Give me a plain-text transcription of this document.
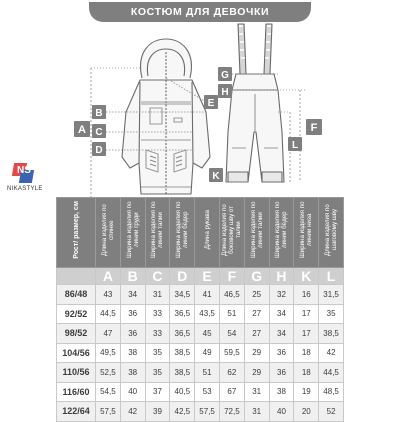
КОСТЮМ ДЛЯ ДЕВОЧКИ
A
B
C
D
E
G
H
F
L
K
NS
NIKASTYLE
Рост/ размер, см	Длина изделия по спинке	Ширина изделия по линии груди	Ширина изделия по линии талии	Ширина изделия по линии бёдер	Длина рукава	Длина изделия по боковому шву от талии	Ширина изделия по линии талии	Ширина изделия по линии бёдер	Ширина изделия по линии низа	Длина изделия по шаговому шву
	A	B	C	D	E	F	G	H	K	L
86/48	43	34	31	34,5	41	46,5	25	32	16	31,5
92/52	44,5	36	33	36,5	43,5	51	27	34	17	35
98/52	47	36	33	36,5	45	54	27	34	17	38,5
104/56	49,5	38	35	38,5	49	59,5	29	36	18	42
110/56	52,5	38	35	38,5	51	62	29	36	18	44,5
116/60	54,5	40	37	40,5	53	67	31	38	19	48,5
122/64	57,5	42	39	42,5	57,5	72,5	31	40	20	52
